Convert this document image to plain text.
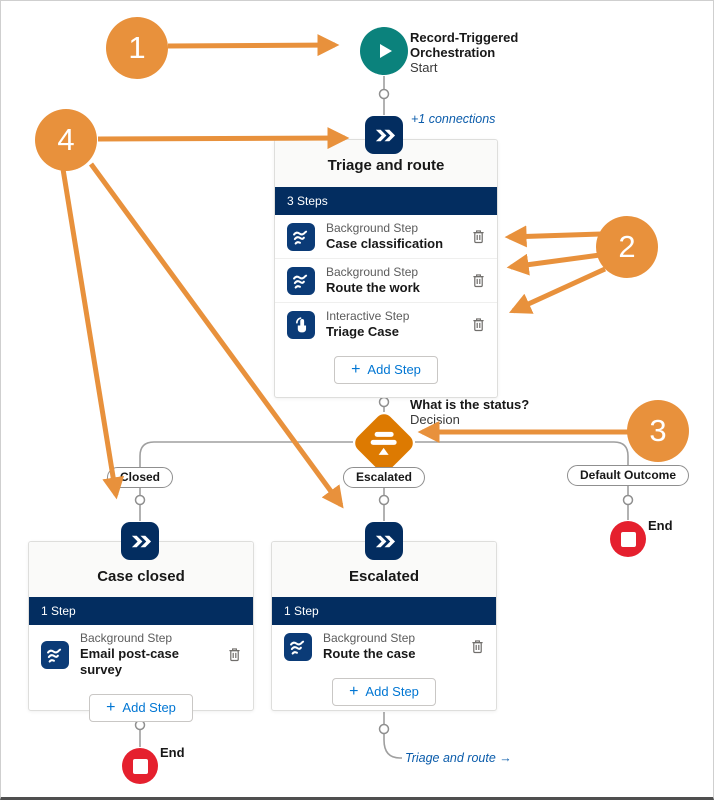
Record-Triggered
Orchestration
Start
+1 connections
Triage and route
3 Steps
Background Step
Case classification
Background Step
Route the work
Interactive Step
Triage Case
+ Add Step
What is the status?
Decision
Closed	Escalated	Default Outcome
Case closed
1 Step
Background Step
Email post-case survey
+ Add Step
Escalated
1 Step
Background Step
Route the case
+ Add Step
End
End	Triage and route →
1
2
3
4
